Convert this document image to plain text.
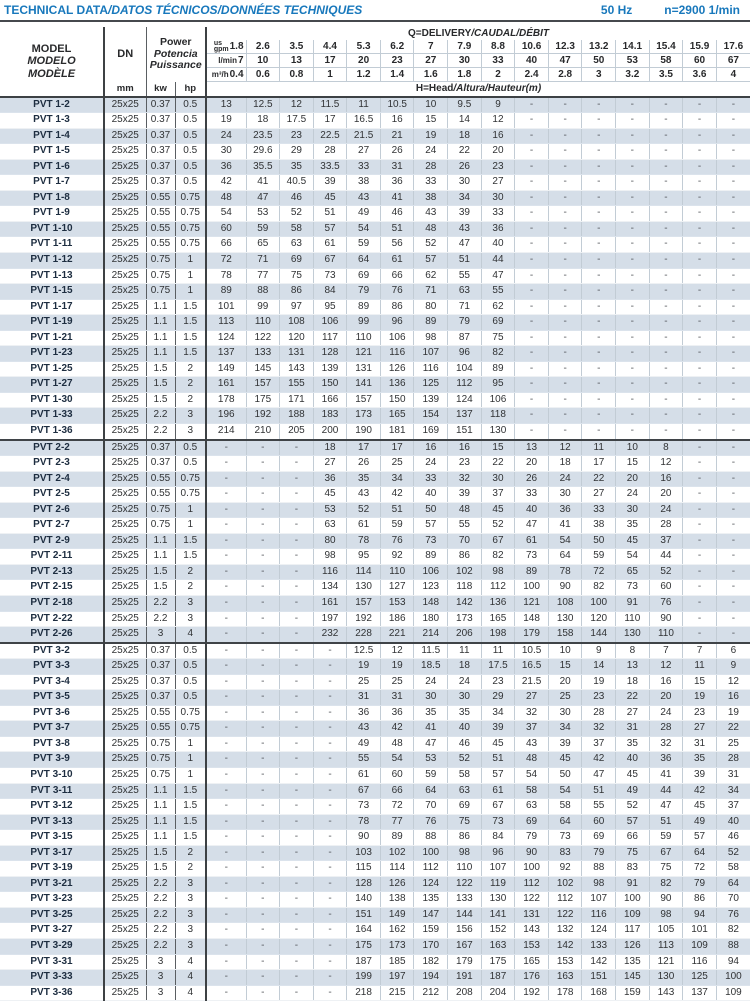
TECHNICAL DATA/DATOS TÉCNICOS/DONNÉES TECHNIQUES	50 Hz	n=2900 1/min
MODEL
MODELO
MODÈLE
	DN	
Power
Potencia
Puissance
	Q=DELIVERY/CAUDAL/DÉBIT

				us
gpm 1.8	2.6	3.5	4.4	5.3	6.2	7	7.9	8.8	10.6	12.3	13.2	14.1	15.4	15.9	17.6

				l/min 7	10	13	17	20	23	27	30	33	40	47	50	53	58	60	67

				m³/h 0.4	0.6	0.8	1	1.2	1.4	1.6	1.8	2	2.4	2.8	3	3.2	3.5	3.6	4
	mm	kw	hp	H=Head/Altura/Hauteur(m)															
PVT 1-2	25x25	0.37	0.5	13	12.5	12	11.5	11	10.5	10	9.5	9	-	-	-	-	-	-	-
PVT 1-3	25x25	0.37	0.5	19	18	17.5	17	16.5	16	15	14	12	-	-	-	-	-	-	-
PVT 1-4	25x25	0.37	0.5	24	23.5	23	22.5	21.5	21	19	18	16	-	-	-	-	-	-	-
PVT 1-5	25x25	0.37	0.5	30	29.6	29	28	27	26	24	22	20	-	-	-	-	-	-	-
PVT 1-6	25x25	0.37	0.5	36	35.5	35	33.5	33	31	28	26	23	-	-	-	-	-	-	-
PVT 1-7	25x25	0.37	0.5	42	41	40.5	39	38	36	33	30	27	-	-	-	-	-	-	-
PVT 1-8	25x25	0.55	0.75	48	47	46	45	43	41	38	34	30	-	-	-	-	-	-	-
PVT 1-9	25x25	0.55	0.75	54	53	52	51	49	46	43	39	33	-	-	-	-	-	-	-
PVT 1-10	25x25	0.55	0.75	60	59	58	57	54	51	48	43	36	-	-	-	-	-	-	-
PVT 1-11	25x25	0.55	0.75	66	65	63	61	59	56	52	47	40	-	-	-	-	-	-	-
PVT 1-12	25x25	0.75	1	72	71	69	67	64	61	57	51	44	-	-	-	-	-	-	-
PVT 1-13	25x25	0.75	1	78	77	75	73	69	66	62	55	47	-	-	-	-	-	-	-
PVT 1-15	25x25	0.75	1	89	88	86	84	79	76	71	63	55	-	-	-	-	-	-	-
PVT 1-17	25x25	1.1	1.5	101	99	97	95	89	86	80	71	62	-	-	-	-	-	-	-
PVT 1-19	25x25	1.1	1.5	113	110	108	106	99	96	89	79	69	-	-	-	-	-	-	-
PVT 1-21	25x25	1.1	1.5	124	122	120	117	110	106	98	87	75	-	-	-	-	-	-	-
PVT 1-23	25x25	1.1	1.5	137	133	131	128	121	116	107	96	82	-	-	-	-	-	-	-
PVT 1-25	25x25	1.5	2	149	145	143	139	131	126	116	104	89	-	-	-	-	-	-	-
PVT 1-27	25x25	1.5	2	161	157	155	150	141	136	125	112	95	-	-	-	-	-	-	-
PVT 1-30	25x25	1.5	2	178	175	171	166	157	150	139	124	106	-	-	-	-	-	-	-
PVT 1-33	25x25	2.2	3	196	192	188	183	173	165	154	137	118	-	-	-	-	-	-	-
PVT 1-36	25x25	2.2	3	214	210	205	200	190	181	169	151	130	-	-	-	-	-	-	-
PVT 2-2	25x25	0.37	0.5	-	-	-	18	17	17	16	16	15	13	12	11	10	8	-	-
PVT 2-3	25x25	0.37	0.5	-	-	-	27	26	25	24	23	22	20	18	17	15	12	-	-
PVT 2-4	25x25	0.55	0.75	-	-	-	36	35	34	33	32	30	26	24	22	20	16	-	-
PVT 2-5	25x25	0.55	0.75	-	-	-	45	43	42	40	39	37	33	30	27	24	20	-	-
PVT 2-6	25x25	0.75	1	-	-	-	53	52	51	50	48	45	40	36	33	30	24	-	-
PVT 2-7	25x25	0.75	1	-	-	-	63	61	59	57	55	52	47	41	38	35	28	-	-
PVT 2-9	25x25	1.1	1.5	-	-	-	80	78	76	73	70	67	61	54	50	45	37	-	-
PVT 2-11	25x25	1.1	1.5	-	-	-	98	95	92	89	86	82	73	64	59	54	44	-	-
PVT 2-13	25x25	1.5	2	-	-	-	116	114	110	106	102	98	89	78	72	65	52	-	-
PVT 2-15	25x25	1.5	2	-	-	-	134	130	127	123	118	112	100	90	82	73	60	-	-
PVT 2-18	25x25	2.2	3	-	-	-	161	157	153	148	142	136	121	108	100	91	76	-	-
PVT 2-22	25x25	2.2	3	-	-	-	197	192	186	180	173	165	148	130	120	110	90	-	-
PVT 2-26	25x25	3	4	-	-	-	232	228	221	214	206	198	179	158	144	130	110	-	-
PVT 3-2	25x25	0.37	0.5	-	-	-	-	12.5	12	11.5	11	11	10.5	10	9	8	7	7	6
PVT 3-3	25x25	0.37	0.5	-	-	-	-	19	19	18.5	18	17.5	16.5	15	14	13	12	11	9
PVT 3-4	25x25	0.37	0.5	-	-	-	-	25	25	24	24	23	21.5	20	19	18	16	15	12
PVT 3-5	25x25	0.37	0.5	-	-	-	-	31	31	30	30	29	27	25	23	22	20	19	16
PVT 3-6	25x25	0.55	0.75	-	-	-	-	36	36	35	35	34	32	30	28	27	24	23	19
PVT 3-7	25x25	0.55	0.75	-	-	-	-	43	42	41	40	39	37	34	32	31	28	27	22
PVT 3-8	25x25	0.75	1	-	-	-	-	49	48	47	46	45	43	39	37	35	32	31	25
PVT 3-9	25x25	0.75	1	-	-	-	-	55	54	53	52	51	48	45	42	40	36	35	28
PVT 3-10	25x25	0.75	1	-	-	-	-	61	60	59	58	57	54	50	47	45	41	39	31
PVT 3-11	25x25	1.1	1.5	-	-	-	-	67	66	64	63	61	58	54	51	49	44	42	34
PVT 3-12	25x25	1.1	1.5	-	-	-	-	73	72	70	69	67	63	58	55	52	47	45	37
PVT 3-13	25x25	1.1	1.5	-	-	-	-	78	77	76	75	73	69	64	60	57	51	49	40
PVT 3-15	25x25	1.1	1.5	-	-	-	-	90	89	88	86	84	79	73	69	66	59	57	46
PVT 3-17	25x25	1.5	2	-	-	-	-	103	102	100	98	96	90	83	79	75	67	64	52
PVT 3-19	25x25	1.5	2	-	-	-	-	115	114	112	110	107	100	92	88	83	75	72	58
PVT 3-21	25x25	2.2	3	-	-	-	-	128	126	124	122	119	112	102	98	91	82	79	64
PVT 3-23	25x25	2.2	3	-	-	-	-	140	138	135	133	130	122	112	107	100	90	86	70
PVT 3-25	25x25	2.2	3	-	-	-	-	151	149	147	144	141	131	122	116	109	98	94	76
PVT 3-27	25x25	2.2	3	-	-	-	-	164	162	159	156	152	143	132	124	117	105	101	82
PVT 3-29	25x25	2.2	3	-	-	-	-	175	173	170	167	163	153	142	133	126	113	109	88
PVT 3-31	25x25	3	4	-	-	-	-	187	185	182	179	175	165	153	142	135	121	116	94
PVT 3-33	25x25	3	4	-	-	-	-	199	197	194	191	187	176	163	151	145	130	125	100
PVT 3-36	25x25	3	4	-	-	-	-	218	215	212	208	204	192	178	168	159	143	137	109
